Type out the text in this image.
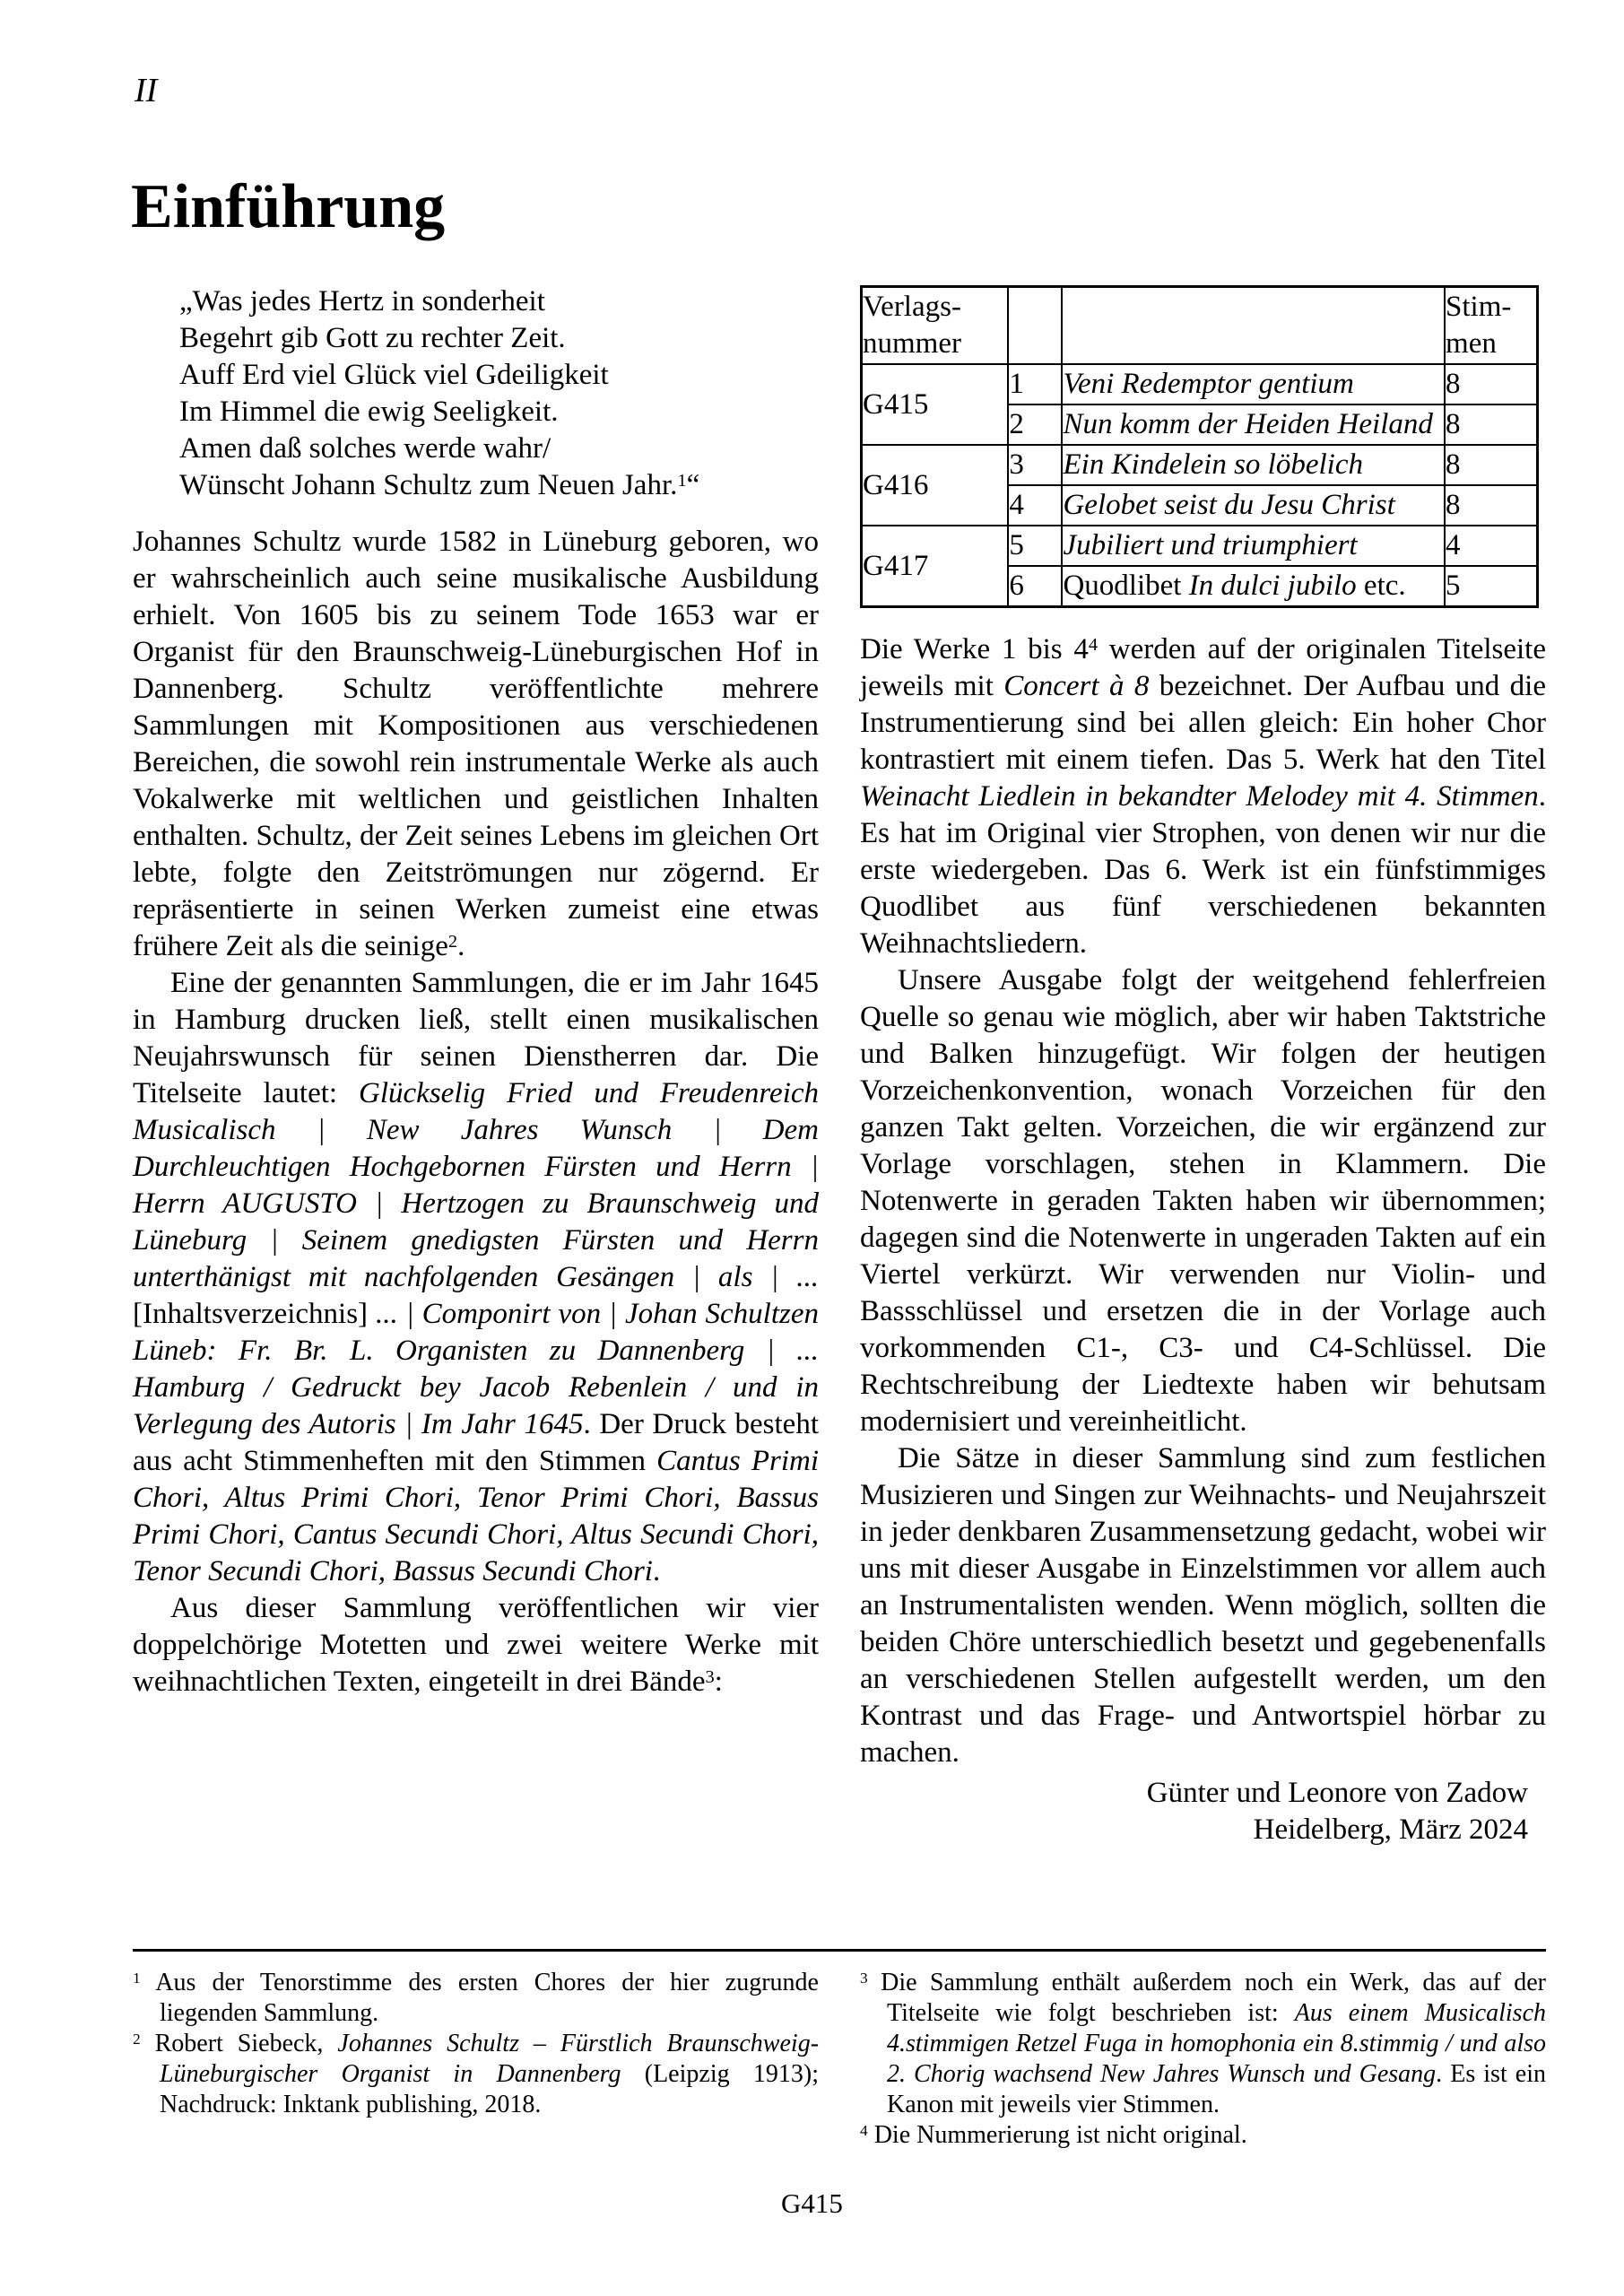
II
Einführung
„Was jedes Hertz in sonderheit
Begehrt gib Gott zu rechter Zeit.
Auff Erd viel Glück viel Gdeiligkeit
Im Himmel die ewig Seeligkeit.
Amen daß solches werde wahr/
Wünscht Johann Schultz zum Neuen Jahr.$^1$“

Johannes Schultz wurde 1582 in Lüneburg geboren, wo er wahrscheinlich auch seine musikalische Ausbildung erhielt. Von 1605 bis zu seinem Tode 1653 war er Organist für den Braunschweig-Lüneburgischen Hof in Dannenberg. Schultz veröffentlichte mehrere Sammlungen mit Kompositionen aus verschiedenen Bereichen, die sowohl rein instrumentale Werke als auch Vokalwerke mit weltlichen und geistlichen Inhalten enthalten. Schultz, der Zeit seines Lebens im gleichen Ort lebte, folgte den Zeitströmungen nur zögernd. Er repräsentierte in seinen Werken zumeist eine etwas frühere Zeit als die seinige$^2$.

Eine der genannten Sammlungen, die er im Jahr 1645 in Hamburg drucken ließ, stellt einen musikalischen Neujahrswunsch für seinen Dienstherren dar. Die Titelseite lautet: Glückselig Fried und Freudenreich Musicalisch | New Jahres Wunsch | Dem Durchleuchtigen Hochgebornen Fürsten und Herrn | Herrn AUGUSTO | Hertzogen zu Braunschweig und Lüneburg | Seinem gnedigsten Fürsten und Herrn unterthänigst mit nachfolgenden Gesängen | als | ... [Inhaltsverzeichnis] ... | Componirt von | Johan Schultzen Lüneb: Fr. Br. L. Organisten zu Dannenberg | ... Hamburg / Gedruckt bey Jacob Rebenlein / und in Verlegung des Autoris | Im Jahr 1645. Der Druck besteht aus acht Stimmenheften mit den Stimmen Cantus Primi Chori, Altus Primi Chori, Tenor Primi Chori, Bassus Primi Chori, Cantus Secundi Chori, Altus Secundi Chori, Tenor Secundi Chori, Bassus Secundi Chori.

Aus dieser Sammlung veröffentlichen wir vier doppelchörige Motetten und zwei weitere Werke mit weihnachtlichen Texten, eingeteilt in drei Bände$^3$:

Verlags-
nummer			Stim-
men

G415	1	Veni Redemptor gentium	8
	2	Nun komm der Heiden Heiland	8
G416	3	Ein Kindelein so löbelich	8
	4	Gelobet seist du Jesu Christ	8
G417	5	Jubiliert und triumphiert	4
	6	Quodlibet In dulci jubilo etc.	5

Die Werke 1 bis $4^4$ werden auf der originalen Titelseite jeweils mit Concert à 8 bezeichnet. Der Aufbau und die Instrumentierung sind bei allen gleich: Ein hoher Chor kontrastiert mit einem tiefen. Das 5. Werk hat den Titel Weinacht Liedlein in bekandter Melodey mit 4. Stimmen. Es hat im Original vier Strophen, von denen wir nur die erste wiedergeben. Das 6. Werk ist ein fünfstimmiges Quodlibet aus fünf verschiedenen bekannten Weihnachtsliedern.

Unsere Ausgabe folgt der weitgehend fehlerfreien Quelle so genau wie möglich, aber wir haben Taktstriche und Balken hinzugefügt. Wir folgen der heutigen Vorzeichenkonvention, wonach Vorzeichen für den ganzen Takt gelten. Vorzeichen, die wir ergänzend zur Vorlage vorschlagen, stehen in Klammern. Die Notenwerte in geraden Takten haben wir übernommen; dagegen sind die Notenwerte in ungeraden Takten auf ein Viertel verkürzt. Wir verwenden nur Violin- und Bassschlüssel und ersetzen die in der Vorlage auch vorkommenden C1-, C3- und C4-Schlüssel. Die Rechtschreibung der Liedtexte haben wir behutsam modernisiert und vereinheitlicht.

Die Sätze in dieser Sammlung sind zum festlichen Musizieren und Singen zur Weihnachts- und Neujahrszeit in jeder denkbaren Zusammensetzung gedacht, wobei wir uns mit dieser Ausgabe in Einzelstimmen vor allem auch an Instrumentalisten wenden. Wenn möglich, sollten die beiden Chöre unterschiedlich besetzt und gegebenenfalls an verschiedenen Stellen aufgestellt werden, um den Kontrast und das Frage- und Antwortspiel hörbar zu machen.

Günter und Leonore von Zadow
Heidelberg, März 2024

$^1$ Aus der Tenorstimme des ersten Chores der hier zugrunde liegenden Sammlung.

$^2$ Robert Siebeck, Johannes Schultz – Fürstlich Braunschweig-Lüneburgischer Organist in Dannenberg (Leipzig 1913); Nachdruck: Inktank publishing, 2018.

$^3$ Die Sammlung enthält außerdem noch ein Werk, das auf der Titelseite wie folgt beschrieben ist: Aus einem Musicalisch 4.stimmigen Retzel Fuga in homophonia ein 8.stimmig / und also 2. Chorig wachsend New Jahres Wunsch und Gesang. Es ist ein Kanon mit jeweils vier Stimmen.

$^4$ Die Nummerierung ist nicht original.

G415
